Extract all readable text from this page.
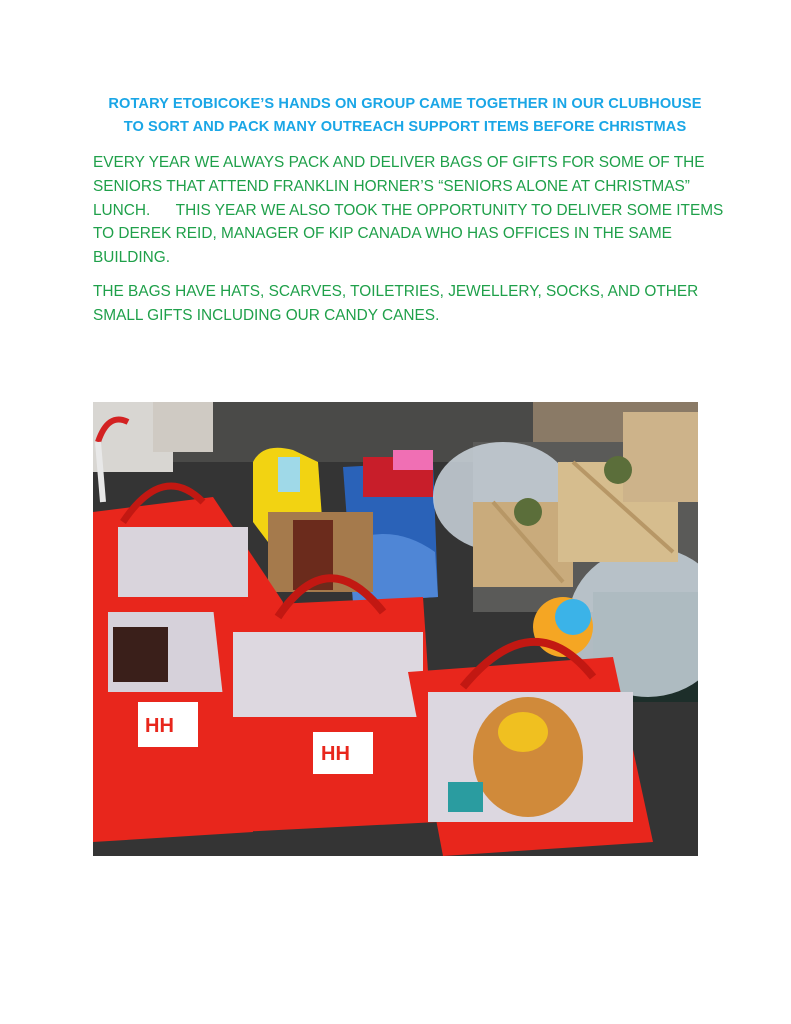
ROTARY ETOBICOKE’S HANDS ON GROUP CAME TOGETHER IN OUR CLUBHOUSE
TO SORT AND PACK MANY OUTREACH SUPPORT ITEMS BEFORE CHRISTMAS
EVERY YEAR WE ALWAYS PACK AND DELIVER BAGS OF GIFTS FOR SOME OF THE
SENIORS THAT ATTEND FRANKLIN HORNER’S “SENIORS ALONE AT CHRISTMAS”
LUNCH.      THIS YEAR WE ALSO TOOK THE OPPORTUNITY TO DELIVER SOME ITEMS
TO DEREK REID, MANAGER OF KIP CANADA WHO HAS OFFICES IN THE SAME
BUILDING.
THE BAGS HAVE HATS, SCARVES, TOILETRIES, JEWELLERY, SOCKS, AND OTHER
SMALL GIFTS INCLUDING OUR CANDY CANES.
HH
HH
